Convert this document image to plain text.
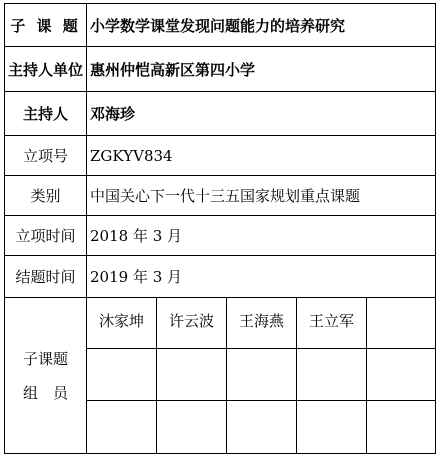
子 课 题	小学数学课堂发现问题能力的培养研究				
主持人单位	惠州仲恺高新区第四小学				
主持人	邓海珍				
立项号	ZGKYV834				
类别	中国关心下一代十三五国家规划重点课题				
立项时间	2018 年 3 月				
结题时间	2019 年 3 月				

子课题
组　员	沐家坤	许云波	王海燕	王立军	
